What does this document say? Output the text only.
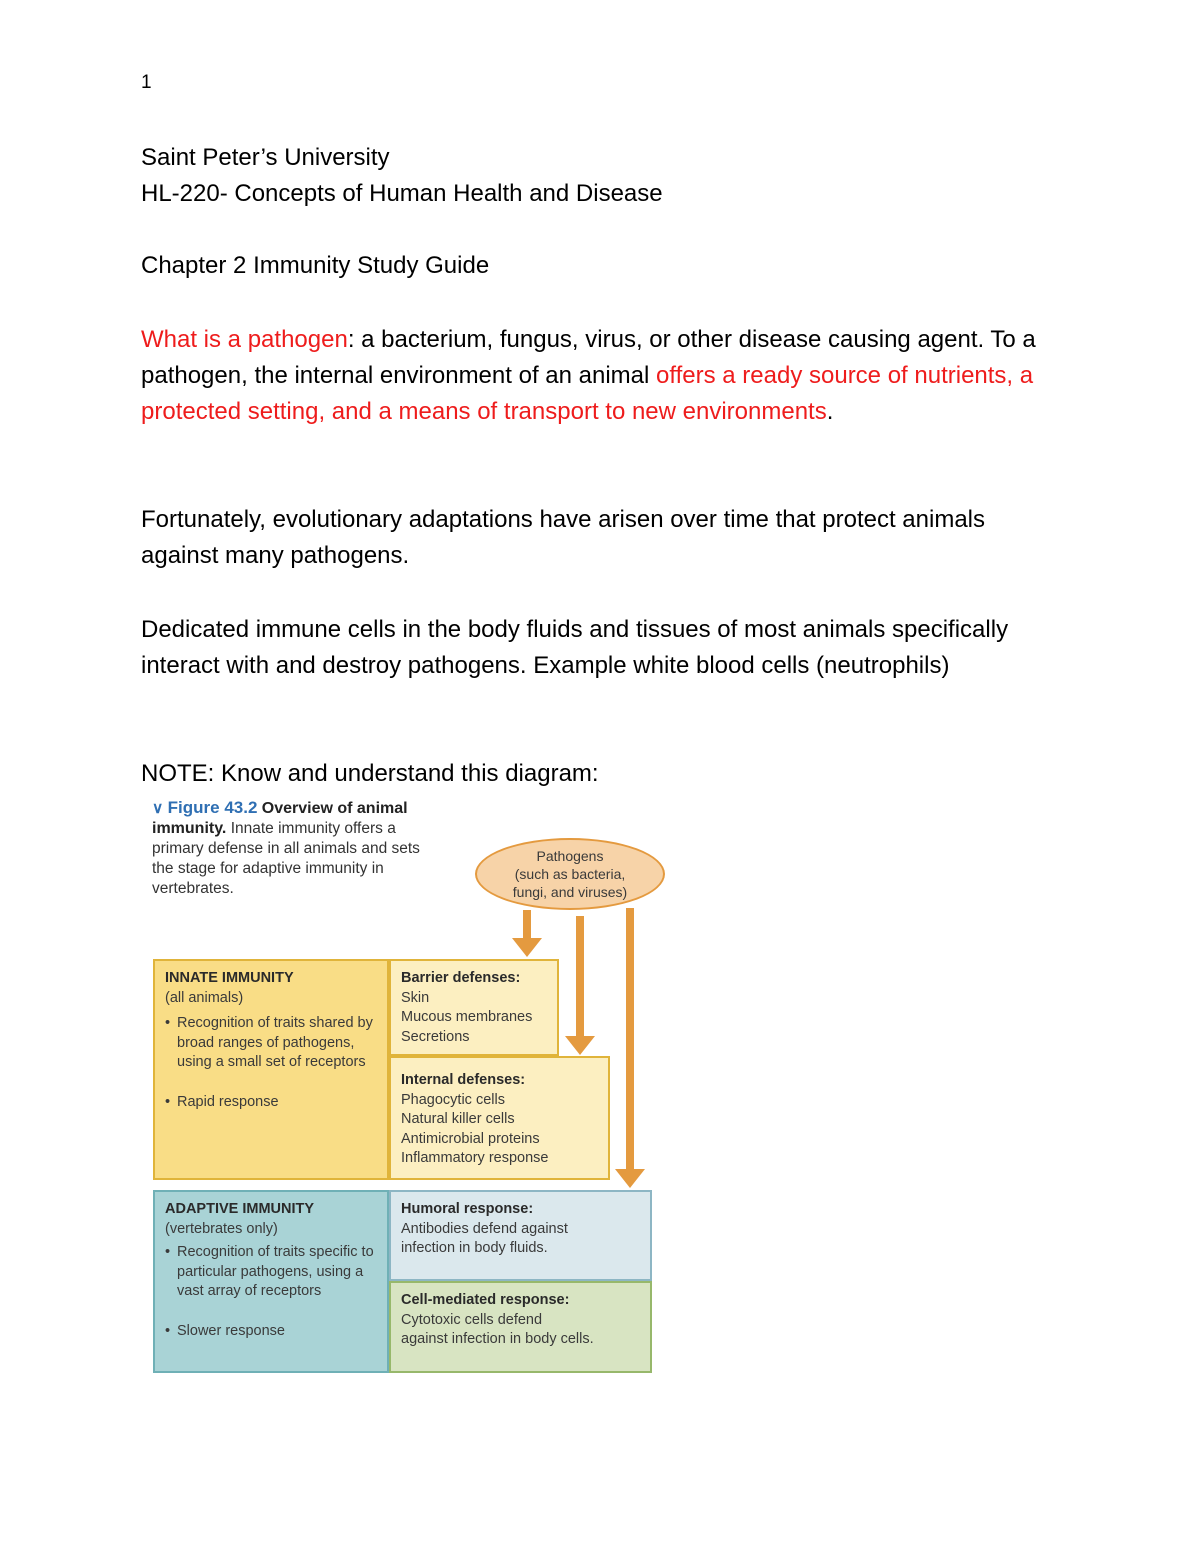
1
Saint Peter’s University
HL-220- Concepts of Human Health and Disease
Chapter 2 Immunity Study Guide
What is a pathogen: a bacterium, fungus, virus, or other disease causing agent. To a pathogen, the internal environment of an animal offers a ready source of nutrients, a protected setting, and a means of transport to new environments.
Fortunately, evolutionary adaptations have arisen over time that protect animals against many pathogens.
Dedicated immune cells in the body fluids and tissues of most animals specifically interact with and destroy pathogens. Example white blood cells (neutrophils)
NOTE: Know and understand this diagram:
∨ Figure 43.2 Overview of animal immunity. Innate immunity offers a primary defense in all animals and sets the stage for adaptive immunity in vertebrates.
Pathogens
(such as bacteria,
fungi, and viruses)
INNATE IMMUNITY
(all animals)
• Recognition of traits shared by broad ranges of pathogens, using a small set of receptors
• Rapid response
Barrier defenses:
Skin
Mucous membranes
Secretions
Internal defenses:
Phagocytic cells
Natural killer cells
Antimicrobial proteins
Inflammatory response
ADAPTIVE IMMUNITY
(vertebrates only)
• Recognition of traits specific to particular pathogens, using a vast array of receptors
• Slower response
Humoral response:
Antibodies defend against
infection in body fluids.
Cell-mediated response:
Cytotoxic cells defend
against infection in body cells.
